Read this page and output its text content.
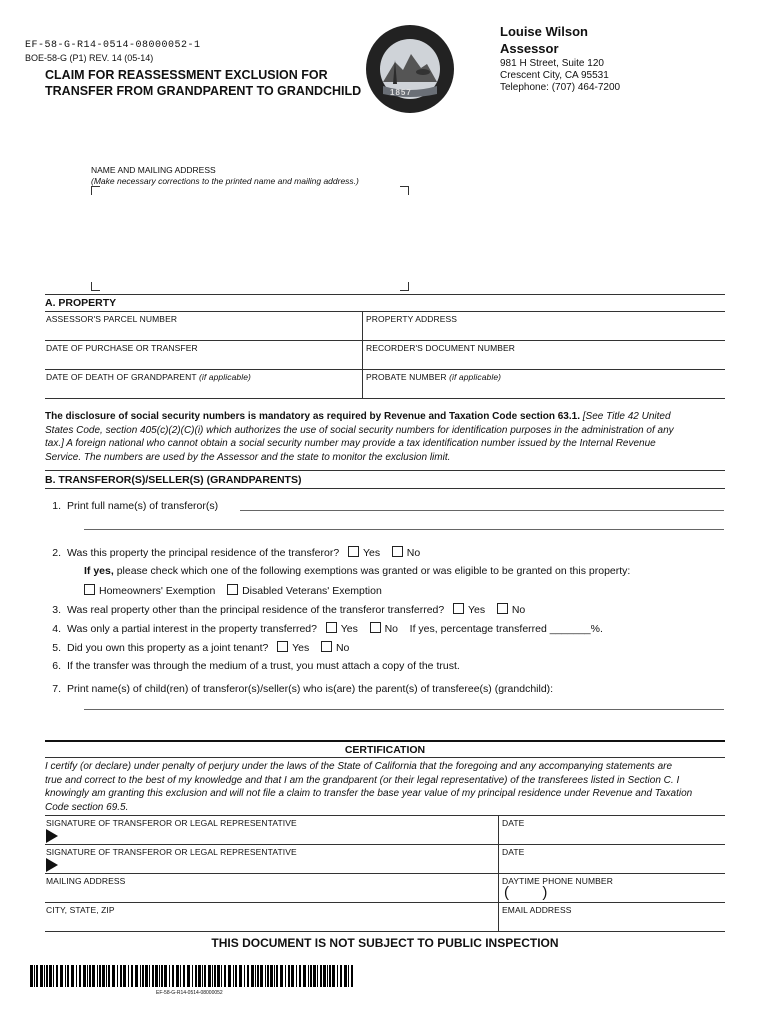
EF-58-G-R14-0514-08000052-1
BOE-58-G (P1) REV. 14 (05-14)
CLAIM FOR REASSESSMENT EXCLUSION FOR
TRANSFER FROM GRANDPARENT TO GRANDCHILD	1857
Louise Wilson
Assessor
981 H Street, Suite 120
Crescent City, CA 95531
Telephone: (707) 464-7200
NAME AND MAILING ADDRESS
(Make necessary corrections to the printed name and mailing address.)
A. PROPERTY
ASSESSOR'S PARCEL NUMBER	PROPERTY ADDRESS
DATE OF PURCHASE OR TRANSFER	RECORDER'S DOCUMENT NUMBER
DATE OF DEATH OF GRANDPARENT (if applicable)	PROBATE NUMBER (if applicable)
The disclosure of social security numbers is mandatory as required by Revenue and Taxation Code section 63.1. [See Title 42 United
States Code, section 405(c)(2)(C)(i) which authorizes the use of social security numbers for identification purposes in the administration of any
tax.] A foreign national who cannot obtain a social security number may provide a tax identification number issued by the Internal Revenue
Service. The numbers are used by the Assessor and the state to monitor the exclusion limit.
B. TRANSFEROR(S)/SELLER(S) (GRANDPARENTS)
1. Print full name(s) of transferor(s)
2. Was this property the principal residence of the transferor? Yes	No
If yes, please check which one of the following exemptions was granted or was eligible to be granted on this property:
Homeowners' Exemption	Disabled Veterans' Exemption
3. Was real property other than the principal residence of the transferor transferred? Yes	No
4. Was only a partial interest in the property transferred? Yes	No If yes, percentage transferred _______%.
5. Did you own this property as a joint tenant? Yes	No
6. If the transfer was through the medium of a trust, you must attach a copy of the trust.
7. Print name(s) of child(ren) of transferor(s)/seller(s) who is(are) the parent(s) of transferee(s) (grandchild):
CERTIFICATION
I certify (or declare) under penalty of perjury under the laws of the State of California that the foregoing and any accompanying statements are
true and correct to the best of my knowledge and that I am the grandparent (or their legal representative) of the transferees listed in Section C. I
knowingly am granting this exclusion and will not file a claim to transfer the base year value of my principal residence under Revenue and Taxation
Code section 69.5.
SIGNATURE OF TRANSFEROR OR LEGAL REPRESENTATIVE	DATE
SIGNATURE OF TRANSFEROR OR LEGAL REPRESENTATIVE	DATE
MAILING ADDRESS	DAYTIME PHONE NUMBER
(        )
CITY, STATE, ZIP	EMAIL ADDRESS
THIS DOCUMENT IS NOT SUBJECT TO PUBLIC INSPECTION
EF-58-G-R14-0514-08000052
